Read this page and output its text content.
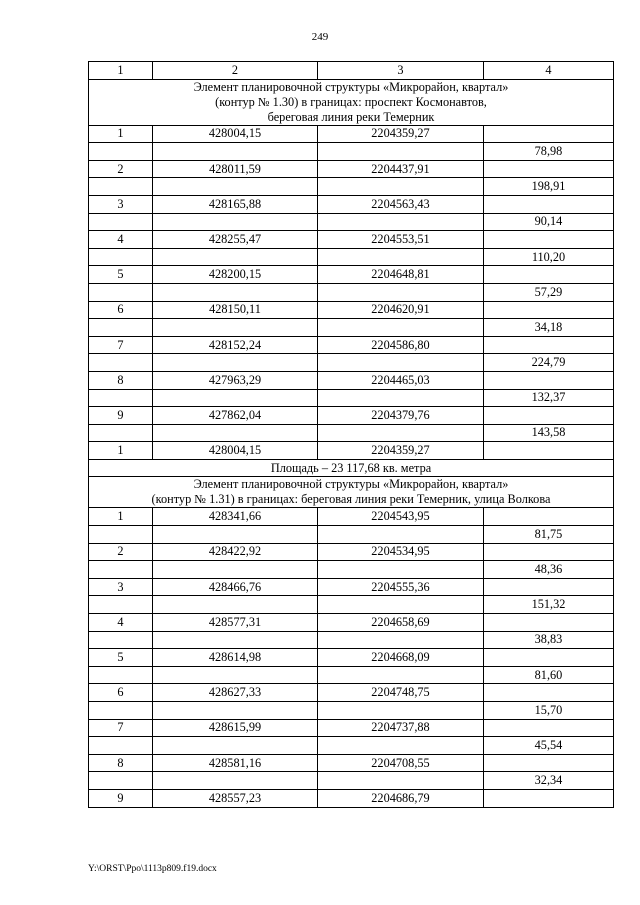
249
1	2	3	4

Элемент планировочной структуры «Микрорайон, квартал»
(контур № 1.30) в границах: проспект Космонавтов,
береговая линия реки Темерник			

1	428004,15	2204359,27	
			78,98
2	428011,59	2204437,91	
			198,91
3	428165,88	2204563,43	
			90,14
4	428255,47	2204553,51	
			110,20
5	428200,15	2204648,81	
			57,29
6	428150,11	2204620,91	
			34,18
7	428152,24	2204586,80	
			224,79
8	427963,29	2204465,03	
			132,37
9	427862,04	2204379,76	
			143,58
1	428004,15	2204359,27	
Площадь – 23 117,68 кв. метра			

Элемент планировочной структуры «Микрорайон, квартал»
(контур № 1.31) в границах: береговая линия реки Темерник, улица Волкова			

1	428341,66	2204543,95	
			81,75
2	428422,92	2204534,95	
			48,36
3	428466,76	2204555,36	
			151,32
4	428577,31	2204658,69	
			38,83
5	428614,98	2204668,09	
			81,60
6	428627,33	2204748,75	
			15,70
7	428615,99	2204737,88	
			45,54
8	428581,16	2204708,55	
			32,34
9	428557,23	2204686,79	
Y:\ORST\Ppo\1113p809.f19.docx
